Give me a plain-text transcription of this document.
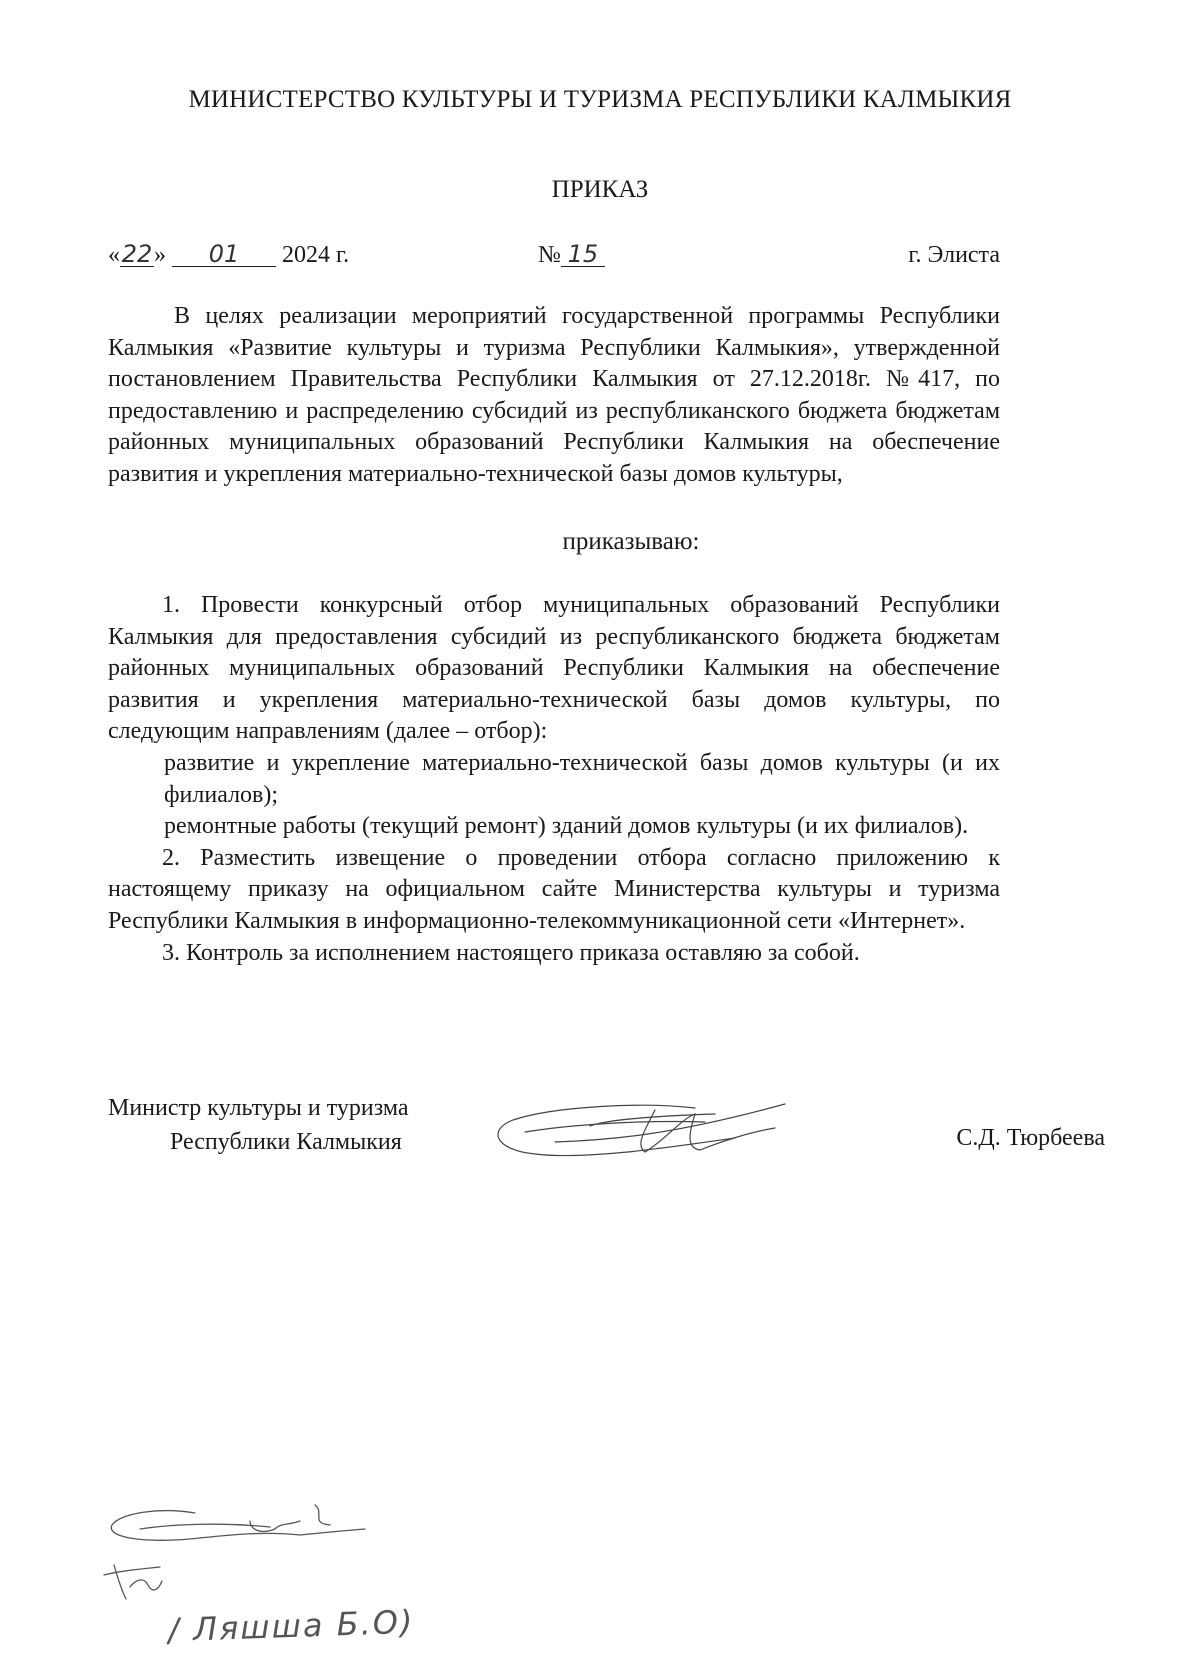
МИНИСТЕРСТВО КУЛЬТУРЫ И ТУРИЗМА РЕСПУБЛИКИ КАЛМЫКИЯ
ПРИКАЗ
«22» 01 2024 г.	№ 15	г. Элиста

В целях реализации мероприятий государственной программы Республики Калмыкия «Развитие культуры и туризма Республики Калмыкия», утвержденной постановлением Правительства Республики Калмыкия от 27.12.2018г. №417, по предоставлению и распределению субсидий из республиканского бюджета бюджетам районных муниципальных образований Республики Калмыкия на обеспечение развития и укрепления материально-технической базы домов культуры,

приказываю:

1. Провести конкурсный отбор муниципальных образований Республики Калмыкия для предоставления субсидий из республиканского бюджета бюджетам районных муниципальных образований Республики Калмыкия на обеспечение развития и укрепления материально-технической базы домов культуры, по следующим направлениям (далее – отбор):

развитие и укрепление материально-технической базы домов культуры (и их филиалов);

ремонтные работы (текущий ремонт) зданий домов культуры (и их филиалов).

2. Разместить извещение о проведении отбора согласно приложению к настоящему приказу на официальном сайте Министерства культуры и туризма Республики Калмыкия в информационно-телекоммуникационной сети «Интернет».

3. Контроль за исполнением настоящего приказа оставляю за собой.

Министр культуры и туризма
Республики Калмыкия	С.Д. Тюрбеева
/ Ляшша Б.О)
